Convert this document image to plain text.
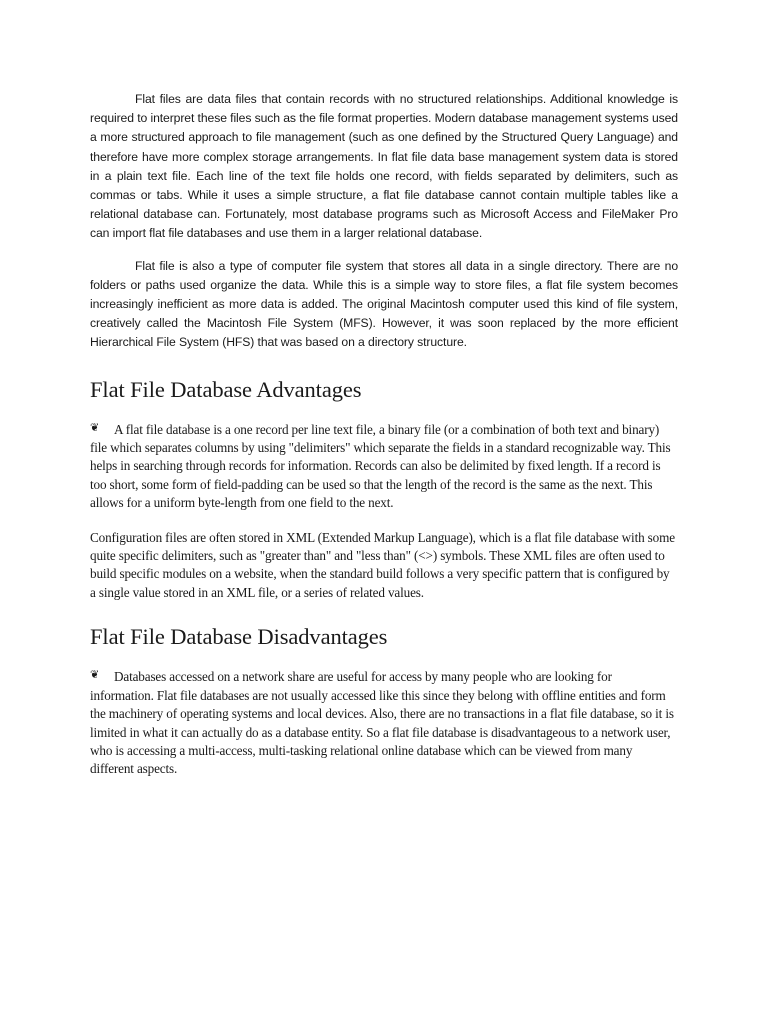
Flat files are data files that contain records with no structured relationships. Additional knowledge is required to interpret these files such as the file format properties. Modern database management systems used a more structured approach to file management (such as one defined by the Structured Query Language) and therefore have more complex storage arrangements. In flat file data base management system data is stored in a plain text file. Each line of the text file holds one record, with fields separated by delimiters, such as commas or tabs. While it uses a simple structure, a flat file database cannot contain multiple tables like a relational database can. Fortunately, most database programs such as Microsoft Access and FileMaker Pro can import flat file databases and use them in a larger relational database.

Flat file is also a type of computer file system that stores all data in a single directory. There are no folders or paths used organize the data. While this is a simple way to store files, a flat file system becomes increasingly inefficient as more data is added. The original Macintosh computer used this kind of file system, creatively called the Macintosh File System (MFS). However, it was soon replaced by the more efficient Hierarchical File System (HFS) that was based on a directory structure.

Flat File Database Advantages

❦ A flat file database is a one record per line text file, a binary file (or a combination of both text and binary) file which separates columns by using "delimiters" which separate the fields in a standard recognizable way. This helps in searching through records for information. Records can also be delimited by fixed length. If a record is too short, some form of field-padding can be used so that the length of the record is the same as the next. This allows for a uniform byte-length from one field to the next.

Configuration files are often stored in XML (Extended Markup Language), which is a flat file database with some quite specific delimiters, such as "greater than" and "less than" (<>) symbols. These XML files are often used to build specific modules on a website, when the standard build follows a very specific pattern that is configured by a single value stored in an XML file, or a series of related values.

Flat File Database Disadvantages

❦ Databases accessed on a network share are useful for access by many people who are looking for information. Flat file databases are not usually accessed like this since they belong with offline entities and form the machinery of operating systems and local devices. Also, there are no transactions in a flat file database, so it is limited in what it can actually do as a database entity. So a flat file database is disadvantageous to a network user, who is accessing a multi-access, multi-tasking relational online database which can be viewed from many different aspects.
